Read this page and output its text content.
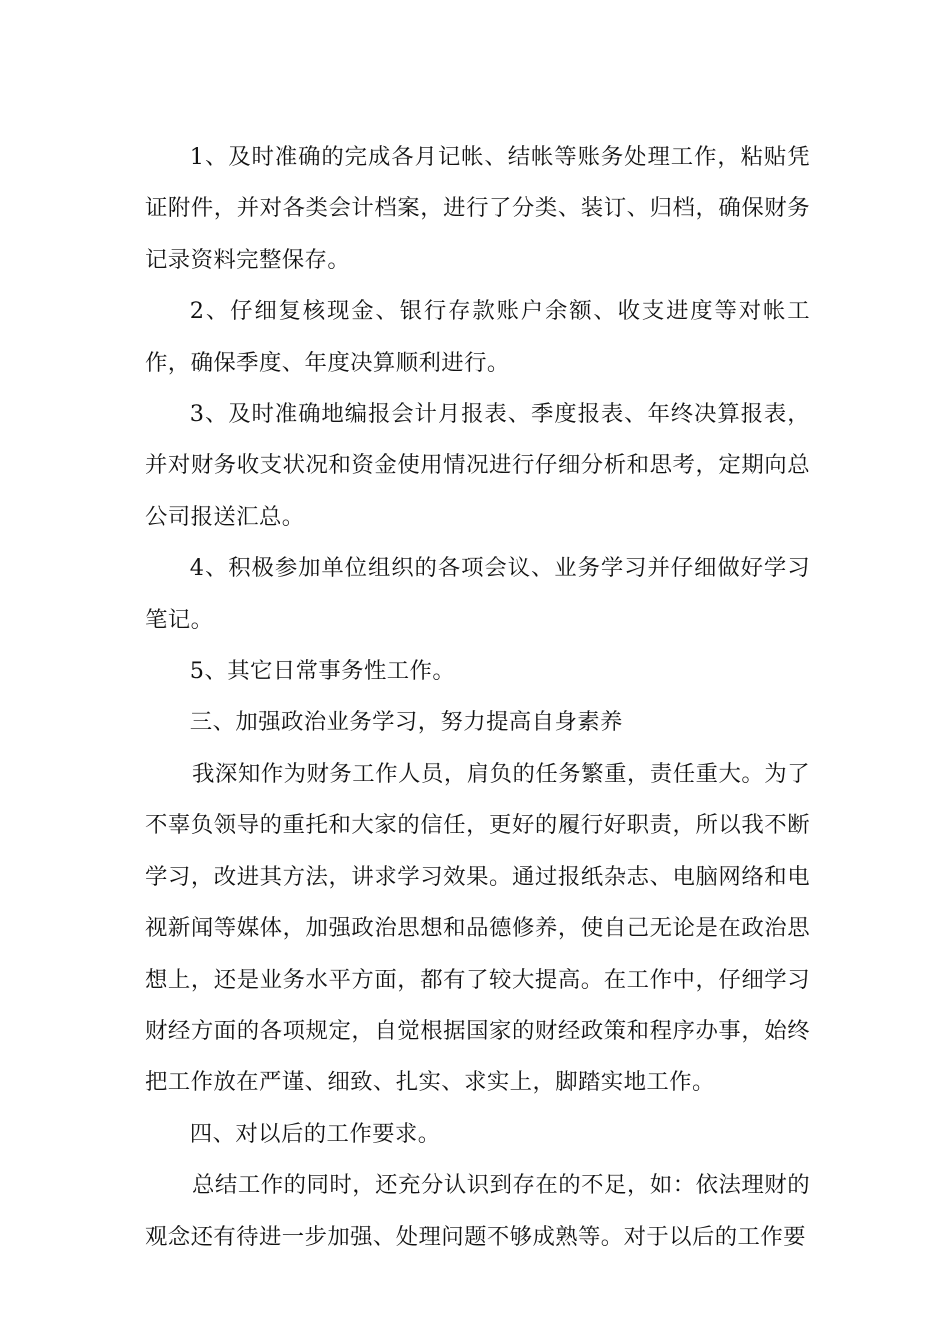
1、及时准确的完成各月记帐、结帐等账务处理工作，粘贴凭证附件，并对各类会计档案，进行了分类、装订、归档，确保财务记录资料完整保存。

2、仔细复核现金、银行存款账户余额、收支进度等对帐工作，确保季度、年度决算顺利进行。

3、及时准确地编报会计月报表、季度报表、年终决算报表，并对财务收支状况和资金使用情况进行仔细分析和思考，定期向总公司报送汇总。

4、积极参加单位组织的各项会议、业务学习并仔细做好学习笔记。

5、其它日常事务性工作。

三、加强政治业务学习，努力提高自身素养

我深知作为财务工作人员，肩负的任务繁重，责任重大。为了不辜负领导的重托和大家的信任，更好的履行好职责，所以我不断学习，改进其方法，讲求学习效果。通过报纸杂志、电脑网络和电视新闻等媒体，加强政治思想和品德修养，使自己无论是在政治思想上，还是业务水平方面，都有了较大提高。在工作中，仔细学习财经方面的各项规定，自觉根据国家的财经政策和程序办事，始终把工作放在严谨、细致、扎实、求实上，脚踏实地工作。

四、对以后的工作要求。

总结工作的同时，还充分认识到存在的不足，如：依法理财的观念还有待进一步加强、处理问题不够成熟等。对于以后的工作要
